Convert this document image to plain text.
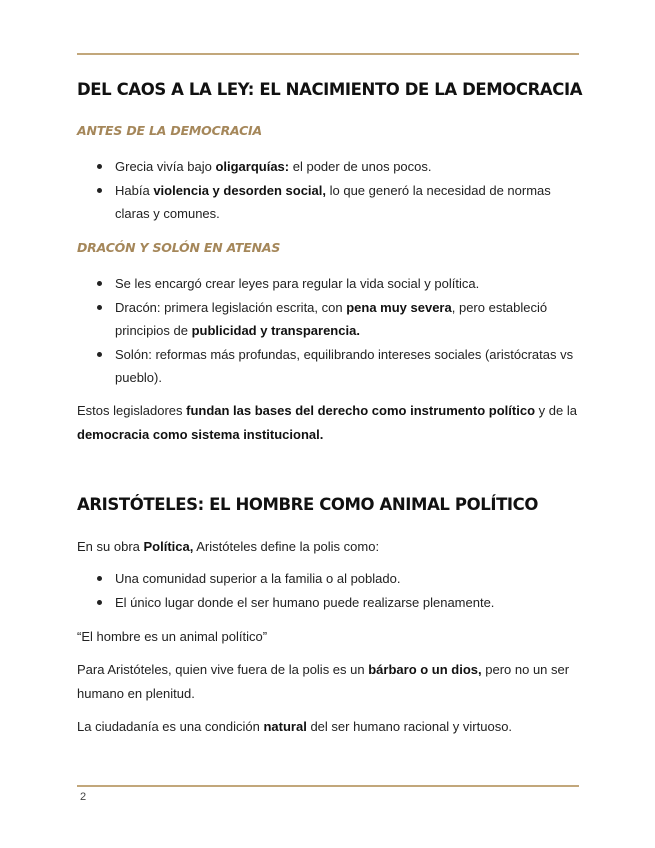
DEL CAOS A LA LEY: EL NACIMIENTO DE LA DEMOCRACIA
ANTES DE LA DEMOCRACIA
Grecia vivía bajo oligarquías: el poder de unos pocos.
Había violencia y desorden social, lo que generó la necesidad de normas claras y comunes.
DRACÓN Y SOLÓN EN ATENAS
Se les encargó crear leyes para regular la vida social y política.
Dracón: primera legislación escrita, con pena muy severa, pero estableció principios de publicidad y transparencia.
Solón: reformas más profundas, equilibrando intereses sociales (aristócratas vs pueblo).

Estos legisladores fundan las bases del derecho como instrumento político y de la democracia como sistema institucional.

ARISTÓTELES: EL HOMBRE COMO ANIMAL POLÍTICO

En su obra Política, Aristóteles define la polis como:

Una comunidad superior a la familia o al poblado.
El único lugar donde el ser humano puede realizarse plenamente.

“El hombre es un animal político”

Para Aristóteles, quien vive fuera de la polis es un bárbaro o un dios, pero no un ser humano en plenitud.

La ciudadanía es una condición natural del ser humano racional y virtuoso.

2
